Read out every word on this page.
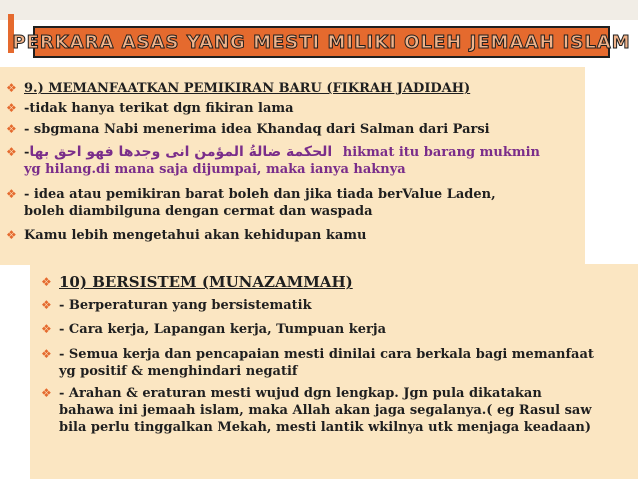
PERKARA ASAS YANG MESTI MILIKI OLEH JEMAAH ISLAM
❖ 9.) MEMANFAATKAN PEMIKIRAN BARU (FIKRAH JADIDAH)
❖ -tidak hanya terikat dgn fikiran lama
❖ - sbgmana Nabi menerima idea Khandaq dari Salman dari Parsi
❖ -الحكمة ضالةُ المؤمن انى وجدها فهو احق بها hikmat itu barang mukmin
yg hilang.di mana saja dijumpai, maka ianya haknya
❖ - idea atau pemikiran barat boleh dan jika tiada berValue Laden,
boleh diambilguna dengan cermat dan waspada
❖ Kamu lebih mengetahui akan kehidupan kamu
❖ 10) BERSISTEM (MUNAZAMMAH)
❖ - Berperaturan yang bersistematik
❖ - Cara kerja, Lapangan kerja, Tumpuan kerja
❖ - Semua kerja dan pencapaian mesti dinilai cara berkala bagi memanfaat
yg positif & menghindari negatif
❖ - Arahan & eraturan mesti wujud dgn lengkap. Jgn pula dikatakan
bahawa ini jemaah islam, maka Allah akan jaga segalanya.( eg Rasul saw
bila perlu tinggalkan Mekah, mesti lantik wkilnya utk menjaga keadaan)
